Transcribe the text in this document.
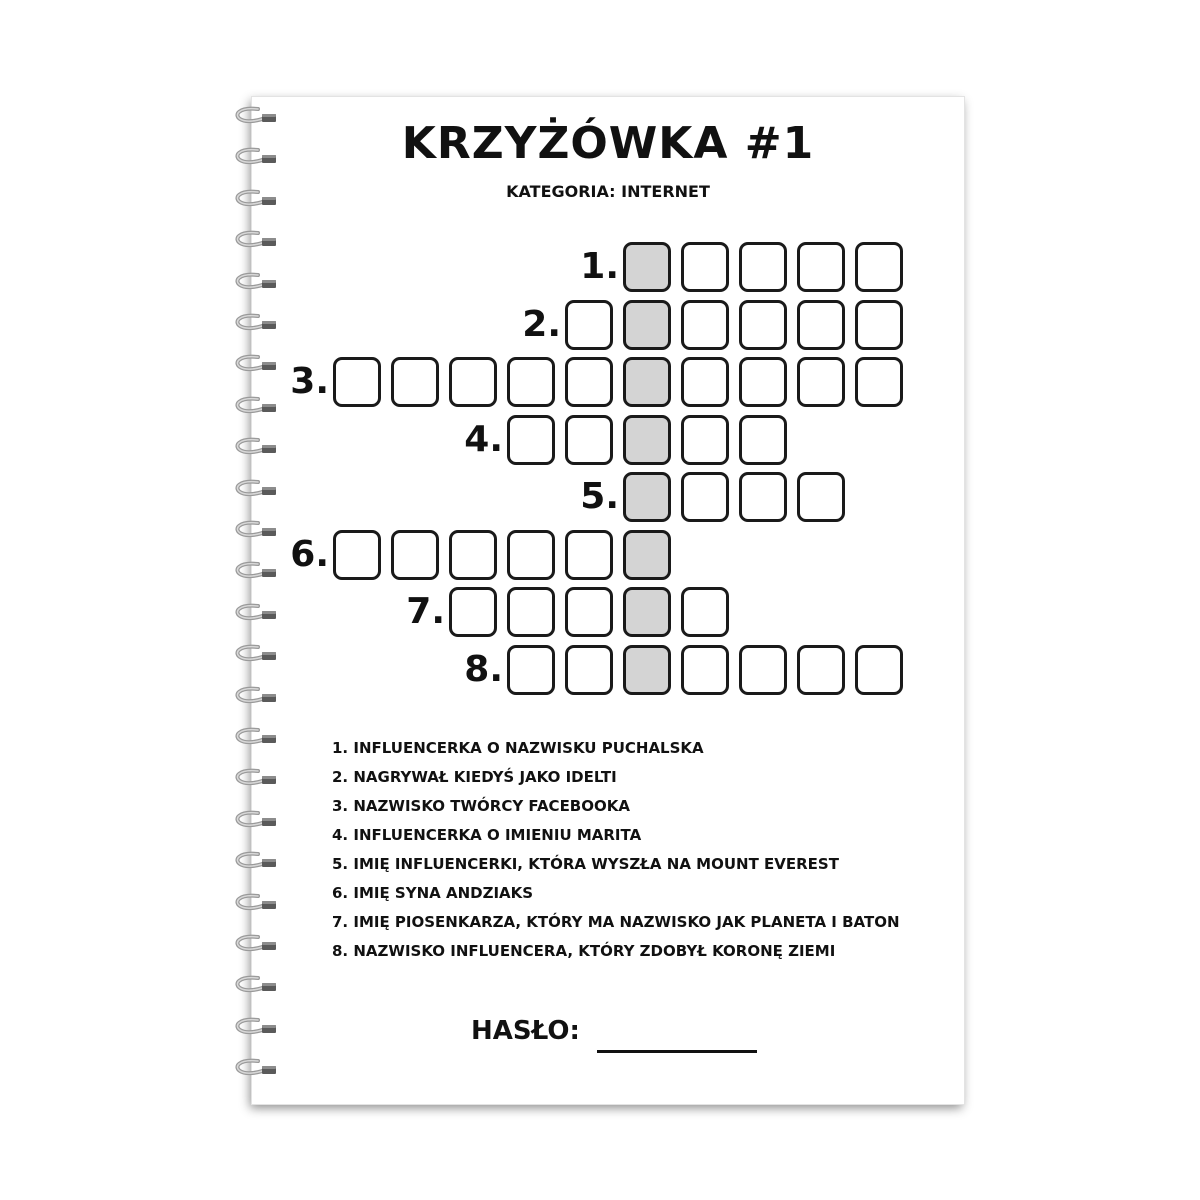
KRZYŻÓWKA #1
KATEGORIA: INTERNET
1.
2.
3.
4.
5.
6.
7.
8.
1. INFLUENCERKA O NAZWISKU PUCHALSKA
2. NAGRYWAŁ KIEDYŚ JAKO IDELTI
3. NAZWISKO TWÓRCY FACEBOOKA
4. INFLUENCERKA O IMIENIU MARITA
5. IMIĘ INFLUENCERKI, KTÓRA WYSZŁA NA MOUNT EVEREST
6. IMIĘ SYNA ANDZIAKS
7. IMIĘ PIOSENKARZA, KTÓRY MA NAZWISKO JAK PLANETA I BATON
8. NAZWISKO INFLUENCERA, KTÓRY ZDOBYŁ KORONĘ ZIEMI
HASŁO:
